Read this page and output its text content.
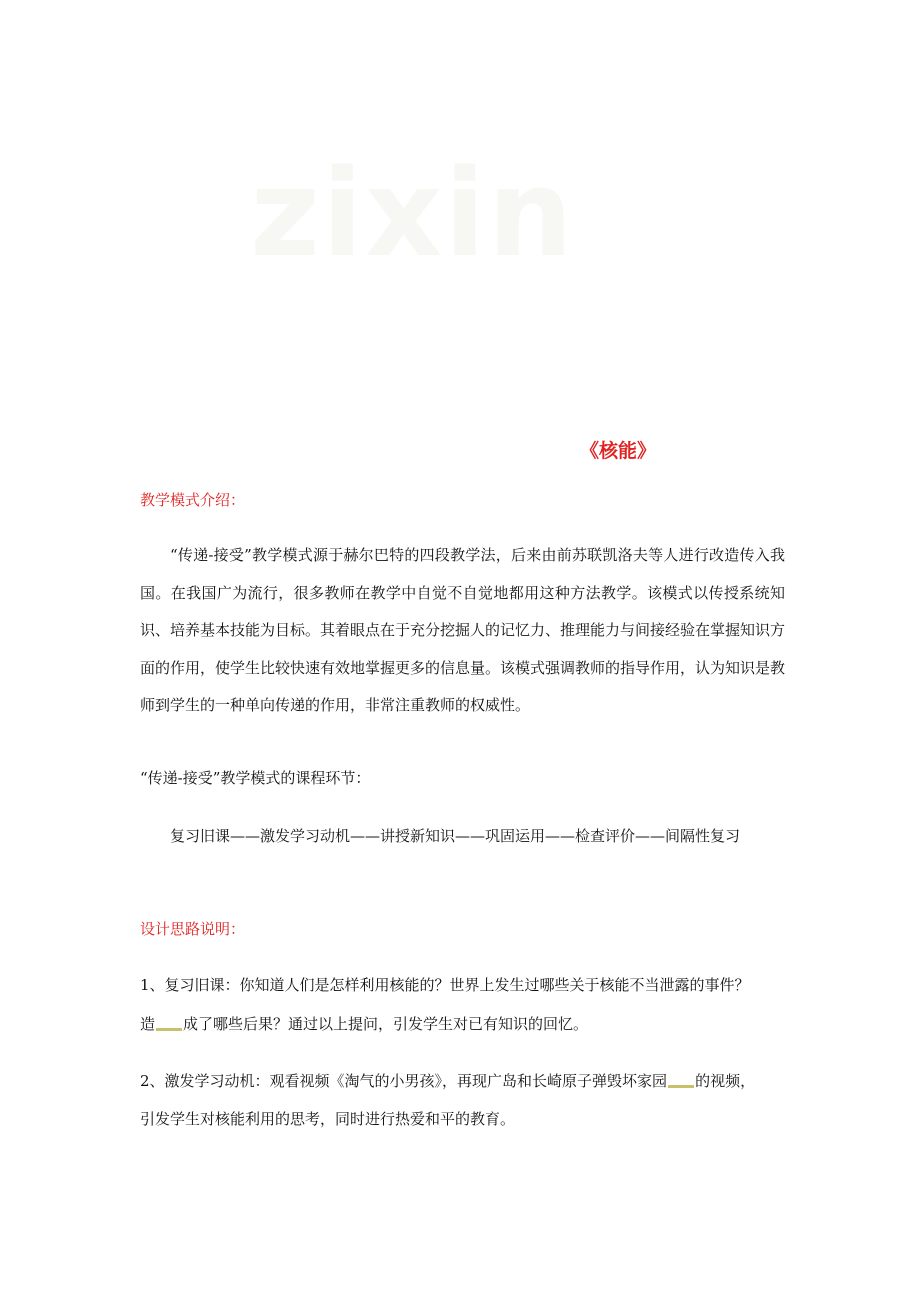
zixin
《核能》
教学模式介绍：
“传递-接受”教学模式源于赫尔巴特的四段教学法，后来由前苏联凯洛夫等人进行改造传入我国。在我国广为流行，很多教师在教学中自觉不自觉地都用这种方法教学。该模式以传授系统知识、培养基本技能为目标。其着眼点在于充分挖掘人的记忆力、推理能力与间接经验在掌握知识方面的作用，使学生比较快速有效地掌握更多的信息量。该模式强调教师的指导作用，认为知识是教师到学生的一种单向传递的作用，非常注重教师的权威性。
“传递-接受”教学模式的课程环节：
复习旧课——激发学习动机——讲授新知识——巩固运用——检查评价——间隔性复习
设计思路说明：
1、复习旧课：你知道人们是怎样利用核能的？世界上发生过哪些关于核能不当泄露的事件？
造 成了哪些后果？通过以上提问，引发学生对已有知识的回忆。
2、激发学习动机：观看视频《淘气的小男孩》，再现广岛和长崎原子弹毁坏家园 的视频，
引发学生对核能利用的思考，同时进行热爱和平的教育。
